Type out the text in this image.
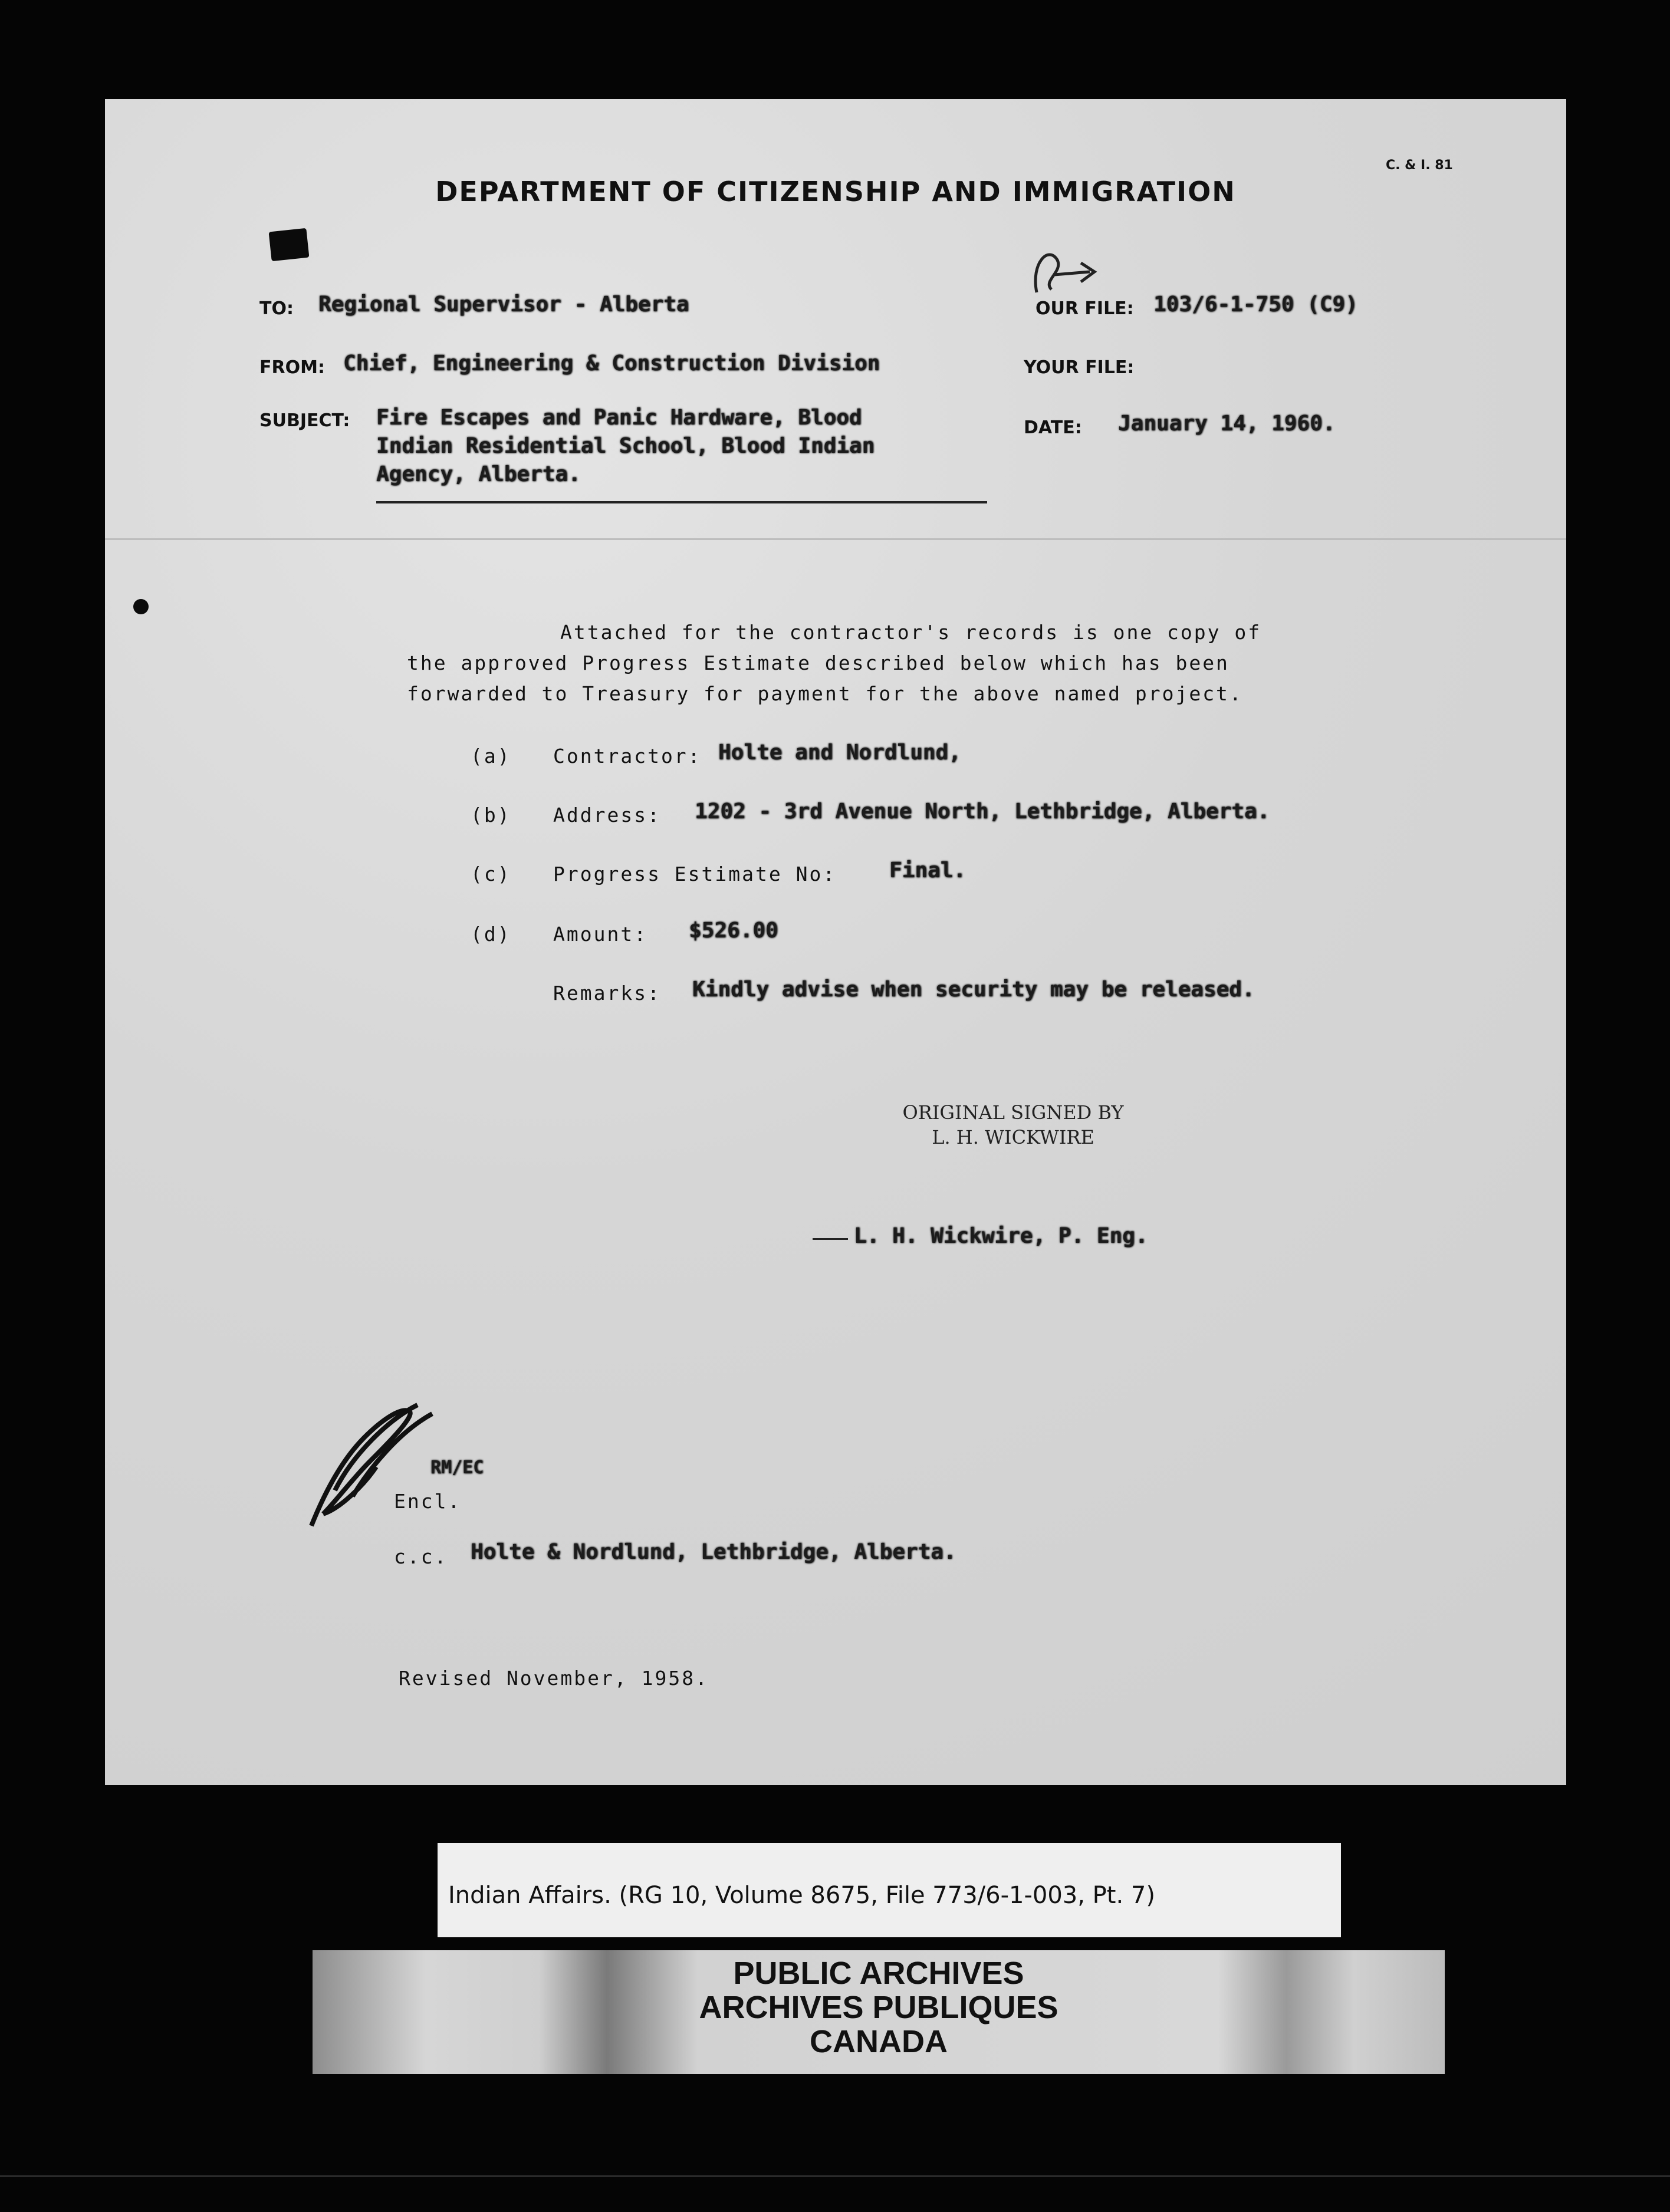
C. & I. 81

DEPARTMENT OF CITIZENSHIP AND IMMIGRATION

TO: Regional Supervisor - Alberta
FROM: Chief, Engineering & Construction Division
SUBJECT: Fire Escapes and Panic Hardware, Blood
Indian Residential School, Blood Indian
Agency, Alberta.
OUR FILE: 103/6-1-750 (C9)
YOUR FILE:
DATE: January 14, 1960.

Attached for the contractor's records is one copy of

the approved Progress Estimate described below which has been

forwarded to Treasury for payment for the above named project.

(a) Contractor: Holte and Nordlund,
(b) Address: 1202 - 3rd Avenue North, Lethbridge, Alberta.
(c) Progress Estimate No: Final.
(d) Amount: $526.00
Remarks: Kindly advise when security may be released.

ORIGINAL SIGNED BY

L. H. WICKWIRE

L. H. Wickwire, P. Eng.
RM/EC
Encl.
c.c. Holte & Nordlund, Lethbridge, Alberta.
Revised November, 1958.

Indian Affairs. (RG 10, Volume 8675, File 773/6-1-003, Pt. 7)

PUBLIC ARCHIVES
ARCHIVES PUBLIQUES
CANADA
